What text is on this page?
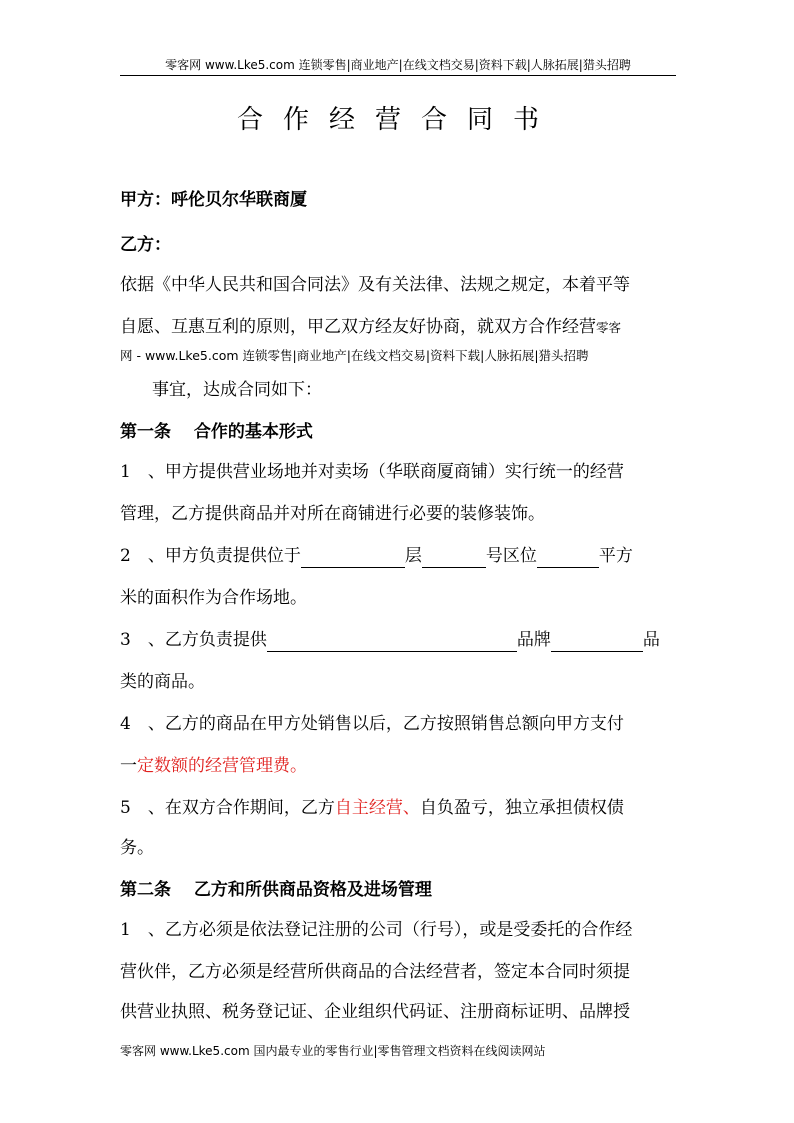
零客网 www.Lke5.com 连锁零售|商业地产|在线文档交易|资料下载|人脉拓展|猎头招聘
合作经营合同书
甲方：呼伦贝尔华联商厦
乙方：
依据《中华人民共和国合同法》及有关法律、法规之规定，本着平等
自愿、互惠互利的原则，甲乙双方经友好协商，就双方合作经营零客
网 - www.Lke5.com 连锁零售|商业地产|在线文档交易|资料下载|人脉拓展|猎头招聘
事宜，达成合同如下：
第一条　 合作的基本形式
1　、甲方提供营业场地并对卖场（华联商厦商铺）实行统一的经营
管理，乙方提供商品并对所在商铺进行必要的装修装饰。
2　、甲方负责提供位于	层	号区位	平方
米的面积作为合作场地。
3　、乙方负责提供	品牌	品
类的商品。
4　、乙方的商品在甲方处销售以后，乙方按照销售总额向甲方支付
一定数额的经营管理费。
5　、在双方合作期间，乙方自主经营、自负盈亏，独立承担债权债
务。
第二条　 乙方和所供商品资格及进场管理
1　、乙方必须是依法登记注册的公司（行号），或是受委托的合作经
营伙伴，乙方必须是经营所供商品的合法经营者，签定本合同时须提
供营业执照、税务登记证、企业组织代码证、注册商标证明、品牌授
零客网 www.Lke5.com 国内最专业的零售行业|零售管理文档资料在线阅读网站
